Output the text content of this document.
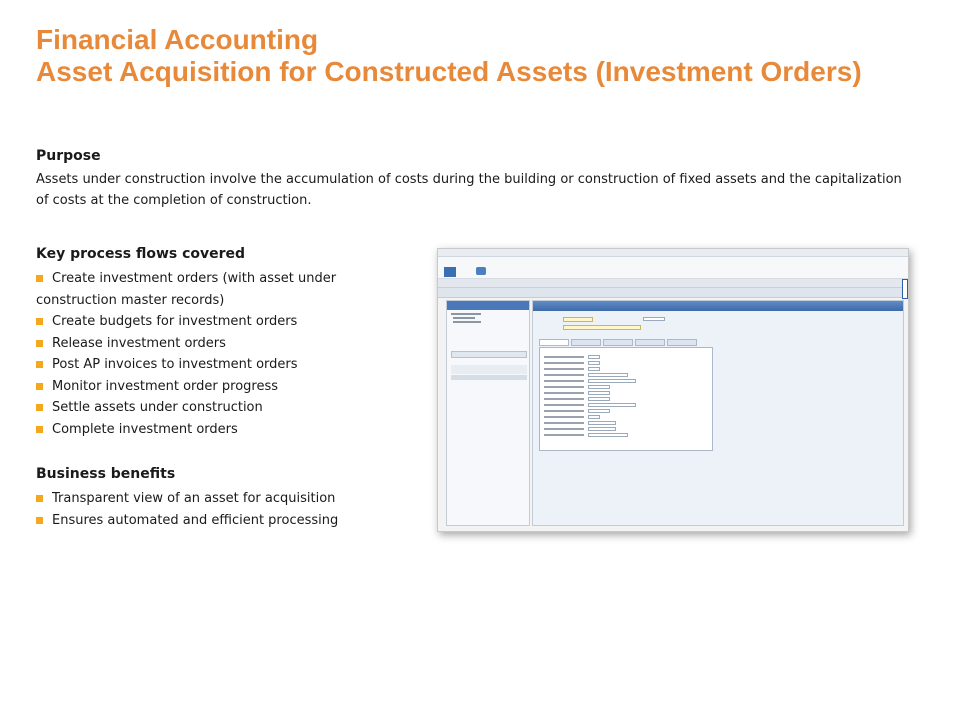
Financial Accounting
Asset Acquisition for Constructed Assets (Investment Orders)
Purpose
Assets under construction involve the accumulation of costs during the building or construction of fixed assets and the capitalization of costs at the completion of construction.
Key process flows covered
Create investment orders (with asset under construction master records)
Create budgets for investment orders
Release investment orders
Post AP invoices to investment orders
Monitor investment order progress
Settle assets under construction
Complete investment orders
Business benefits
Transparent view of an asset for acquisition
Ensures automated and efficient processing
